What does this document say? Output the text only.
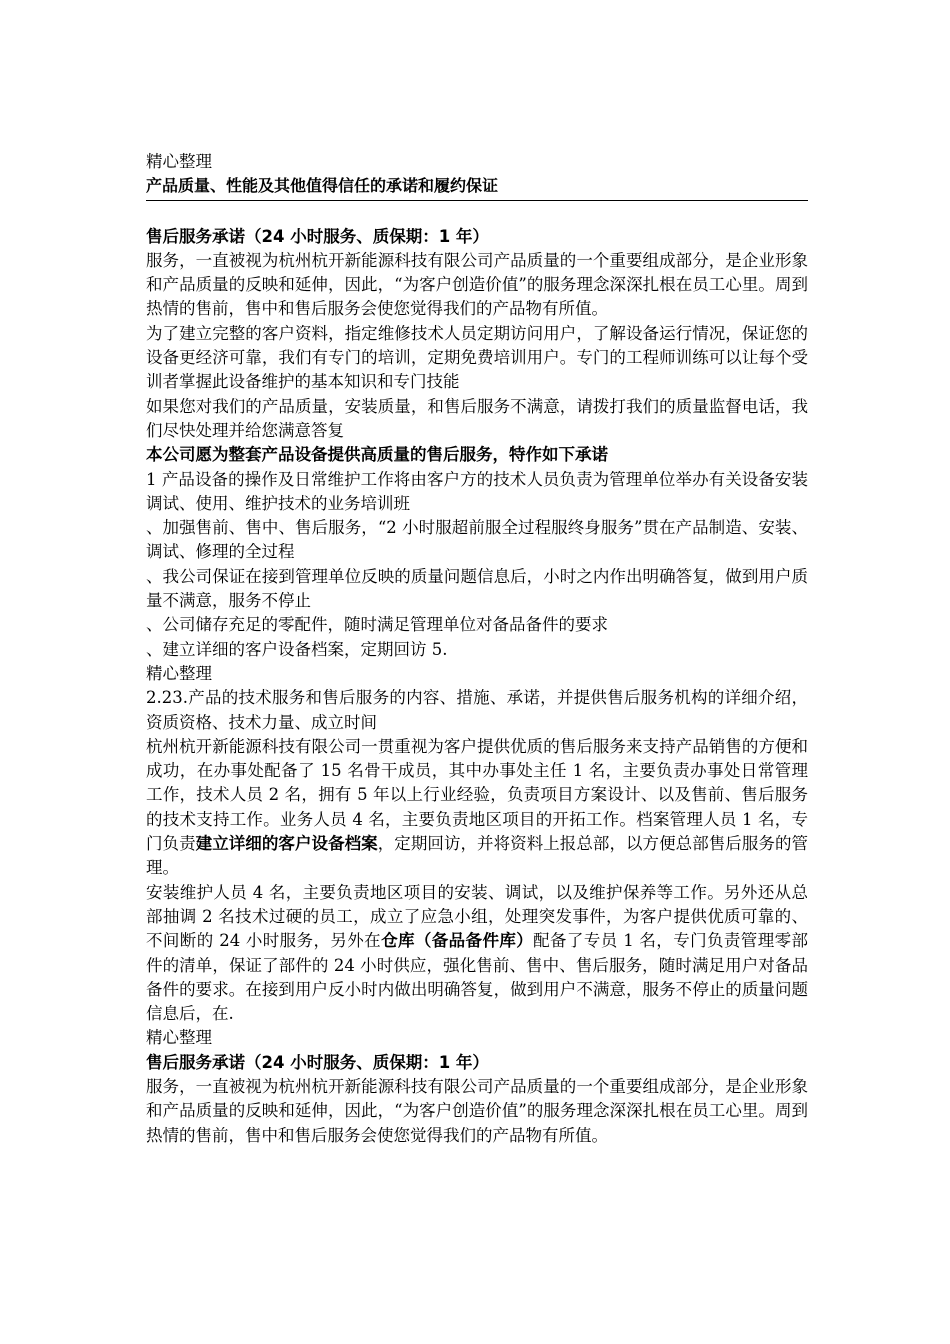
精心整理

产品质量、性能及其他值得信任的承诺和履约保证

售后服务承诺（24 小时服务、质保期：1 年）

服务，一直被视为杭州杭开新能源科技有限公司产品质量的一个重要组成部分，是企业形象和产品质量的反映和延伸，因此，“为客户创造价值”的服务理念深深扎根在员工心里。周到热情的售前，售中和售后服务会使您觉得我们的产品物有所值。

为了建立完整的客户资料，指定维修技术人员定期访问用户，了解设备运行情况，保证您的设备更经济可靠，我们有专门的培训，定期免费培训用户。专门的工程师训练可以让每个受训者掌握此设备维护的基本知识和专门技能

如果您对我们的产品质量，安装质量，和售后服务不满意，请拨打我们的质量监督电话，我们尽快处理并给您满意答复

本公司愿为整套产品设备提供高质量的售后服务，特作如下承诺

1 产品设备的操作及日常维护工作将由客户方的技术人员负责为管理单位举办有关设备安装调试、使用、维护技术的业务培训班

、加强售前、售中、售后服务，“2 小时服超前服全过程服终身服务”贯在产品制造、安装、调试、修理的全过程

、我公司保证在接到管理单位反映的质量问题信息后，小时之内作出明确答复，做到用户质量不满意，服务不停止

、公司储存充足的零配件，随时满足管理单位对备品备件的要求

、建立详细的客户设备档案，定期回访 5.

精心整理

2.23.产品的技术服务和售后服务的内容、措施、承诺，并提供售后服务机构的详细介绍，资质资格、技术力量、成立时间

杭州杭开新能源科技有限公司一贯重视为客户提供优质的售后服务来支持产品销售的方便和成功，在办事处配备了 15 名骨干成员，其中办事处主任 1 名，主要负责办事处日常管理工作，技术人员 2 名，拥有 5 年以上行业经验，负责项目方案设计、以及售前、售后服务的技术支持工作。业务人员 4 名，主要负责地区项目的开拓工作。档案管理人员 1 名，专门负责建立详细的客户设备档案，定期回访，并将资料上报总部，以方便总部售后服务的管理。

安装维护人员 4 名，主要负责地区项目的安装、调试，以及维护保养等工作。另外还从总部抽调 2 名技术过硬的员工，成立了应急小组，处理突发事件，为客户提供优质可靠的、不间断的 24 小时服务，另外在仓库（备品备件库）配备了专员 1 名，专门负责管理零部件的清单，保证了部件的 24 小时供应，强化售前、售中、售后服务，随时满足用户对备品备件的要求。在接到用户反小时内做出明确答复，做到用户不满意，服务不停止的质量问题信息后，在.

精心整理

售后服务承诺（24 小时服务、质保期：1 年）

服务，一直被视为杭州杭开新能源科技有限公司产品质量的一个重要组成部分，是企业形象和产品质量的反映和延伸，因此，“为客户创造价值”的服务理念深深扎根在员工心里。周到热情的售前，售中和售后服务会使您觉得我们的产品物有所值。
